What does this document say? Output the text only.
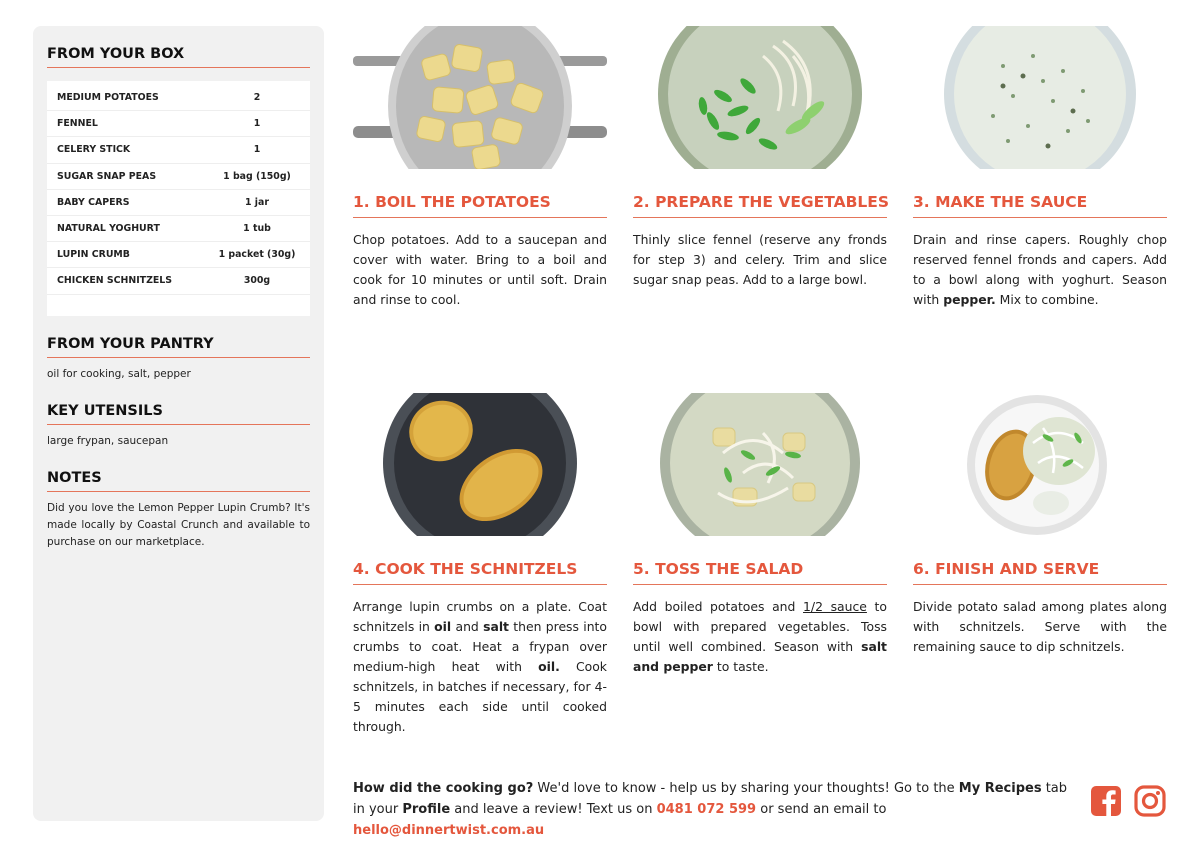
FROM YOUR BOX
MEDIUM POTATOES	2
FENNEL	1
CELERY STICK	1
SUGAR SNAP PEAS	1 bag (150g)
BABY CAPERS	1 jar
NATURAL YOGHURT	1 tub
LUPIN CRUMB	1 packet (30g)
CHICKEN SCHNITZELS	300g
FROM YOUR PANTRY
oil for cooking, salt, pepper
KEY UTENSILS
large frypan, saucepan
NOTES
Did you love the Lemon Pepper Lupin Crumb? It's made locally by Coastal Crunch and available to purchase on our marketplace.
1. BOIL THE POTATOES
Chop potatoes. Add to a saucepan and cover with water. Bring to a boil and cook for 10 minutes or until soft. Drain and rinse to cool.
2. PREPARE THE VEGETABLES
Thinly slice fennel (reserve any fronds for step 3) and celery. Trim and slice sugar snap peas. Add to a large bowl.
3. MAKE THE SAUCE
Drain and rinse capers. Roughly chop reserved fennel fronds and capers. Add to a bowl along with yoghurt. Season with pepper. Mix to combine.
4. COOK THE SCHNITZELS
Arrange lupin crumbs on a plate. Coat schnitzels in oil and salt then press into crumbs to coat. Heat a frypan over medium-high heat with oil. Cook schnitzels, in batches if necessary, for 4-5 minutes each side until cooked through.
5. TOSS THE SALAD
Add boiled potatoes and 1/2 sauce to bowl with prepared vegetables. Toss until well combined. Season with salt and pepper to taste.
6. FINISH AND SERVE
Divide potato salad among plates along with schnitzels. Serve with the remaining sauce to dip schnitzels.
How did the cooking go? We'd love to know - help us by sharing your thoughts! Go to the My Recipes tab in your Profile and leave a review! Text us on 0481 072 599 or send an email to hello@dinnertwist.com.au
